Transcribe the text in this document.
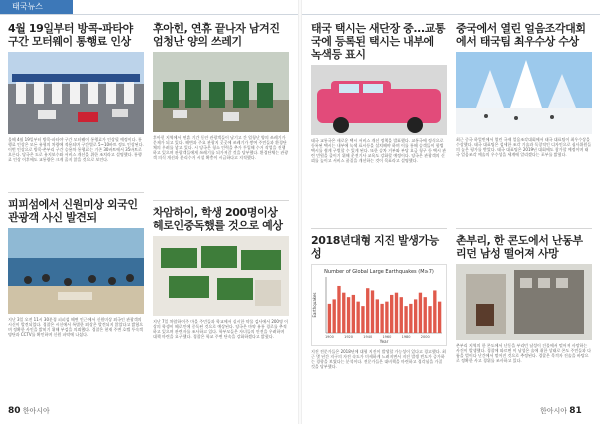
태국뉴스
4월 19일부터 방콕-파타야 구간 모터웨이 통행료 인상

올해 4월 19일부터 방콕-파타야 구간 모터웨이 통행료가 인상될 예정이다. 통행료 인상은 모든 유형의 차량에 적용되며 구간별로 5~10바트 정도 인상된다. 이번 인상으로 방콕-촌부리 구간 승용차 통행료는 기존 30바트에서 35바트로 오른다. 당국은 도로 유지보수와 서비스 개선을 위한 조치라고 설명했다. 통행료 인상 이후에도 교통량은 크게 줄지 않을 것으로 보인다.

피피섬에서 신원미상 외국인 관광객 사신 발견되

지난 3일 오전 11시 30분경 피피섬 해변 인근에서 신원미상 외국인 관광객의 시신이 발견되었다. 경찰은 시신에서 특별한 외상은 발견되지 않았다고 밝혔으며 정확한 사인을 밝히기 위해 부검을 의뢰했다. 경찰은 현재 주변 호텔 투숙객 명단과 CCTV를 확인하며 신원 파악에 나섰다.

후아힌, 연휴 끝나자 남겨진 엄청난 양의 쓰레기

후아힌 지역에서 연휴 기간 동안 관광객들이 남기고 간 엄청난 양의 쓰레기가 문제가 되고 있다. 해변과 주요 관광지 곳곳에 쓰레기가 쌓여 주민들과 환경단체의 우려를 낳고 있다. 시 당국은 청소 인력을 추가 투입해 수거 작업을 진행하고 있으며 관광객들에게 쓰레기를 되가져갈 것을 당부했다. 환경단체는 관광객 의식 개선과 분리수거 시설 확충이 시급하다고 지적했다.

차암하이, 학생 200명이상 헤로인중독했를 것으로 예상

지난 7일 차암하이주 마을 주민들과 학교에서 실시한 약물 검사에서 200명 이상의 학생이 헤로인에 중독된 것으로 예상된다. 당국은 마약 유통 경로를 추적하고 있으며 관련자를 조사하고 있다. 학부모들은 자녀들의 안전을 우려하며 대책 마련을 요구했다. 경찰은 학교 주변 단속을 강화하겠다고 밝혔다.

태국 택시는 새단장 중...교통국에 등록된 택시는 내부에 녹색등 표시

태국 교통국은 새로운 택시 서비스 개선 정책을 발표했다. 교통국에 정식으로 등록된 택시는 내부에 녹색 표시등을 설치해야 하며 이를 통해 승객들이 합법 택시를 쉽게 구별할 수 있게 된다. 또한 승차 거부와 부당 요금 청구 등 택시 관련 민원을 줄이기 위해 운전기사 교육도 강화할 예정이다. 당국은 관광객의 신뢰를 높이고 서비스 품질을 개선하는 것이 목표라고 설명했다.

2018년대형 지진 발생가능성
Number of Global Large Earthquakes (M≥7)
Year
Earthquakes
1900	1920	1940	1960	1980	2000

지진 전문가들은 2018년에 대형 지진이 발생할 가능성이 있다고 경고했다. 최근 몇 년간 지구의 자전 속도가 미세하게 느려지면서 지진 발생 빈도가 증가하는 경향을 보였다는 분석이다. 전문가들은 대비책을 마련하고 경각심을 가질 것을 당부했다.

중국에서 열린 얼음조각대회에서 태국팀 최우수상 수상

최근 중국 하얼빈에서 열린 국제 얼음조각대회에서 태국 대표팀이 최우수상을 수상했다. 태국 대표팀은 섬세한 조각 기술과 독창적인 디자인으로 심사위원들의 높은 평가를 받았다. 태국 대표팀은 2019년 대회에도 참가할 예정이며 태국 얼음조각 예술의 우수성을 세계에 알리겠다는 포부를 밝혔다.

촌부리, 한 콘도에서 난동부리던 남성 떨어져 사망

촌부리 지역의 한 콘도에서 난동을 부리던 남성이 건물에서 떨어져 사망하는 사건이 발생했다. 경찰에 따르면 이 남성은 술에 취한 상태로 콘도 주민들과 다툼을 벌이다 난간에서 떨어진 것으로 추정된다. 경찰은 목격자 진술을 바탕으로 정확한 사고 경위를 조사하고 있다.

80 한아시아	한아시아 81
